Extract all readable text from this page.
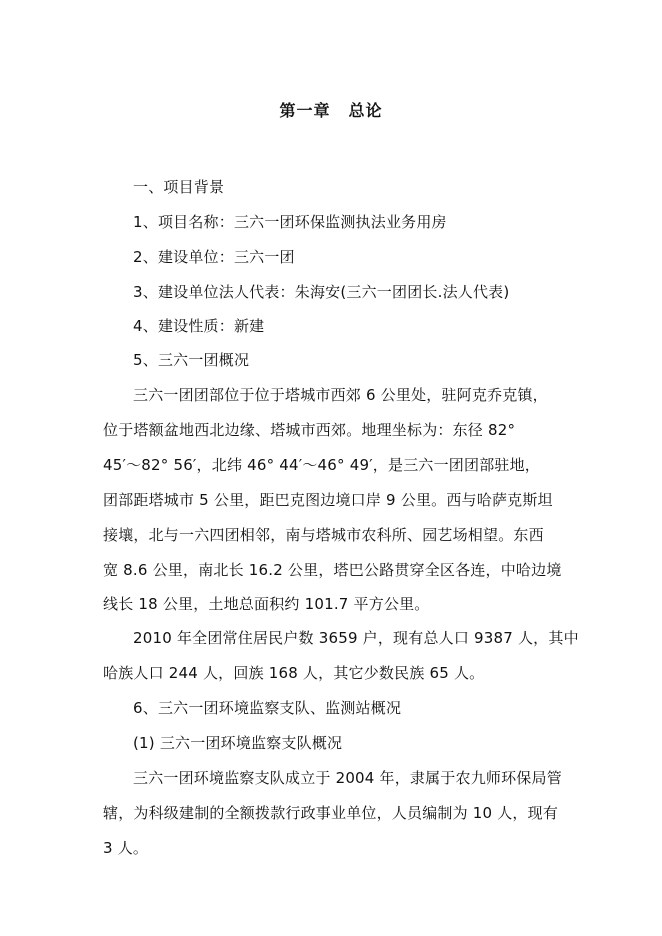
第一章 总论
一、项目背景
1、项目名称：三六一团环保监测执法业务用房
2、建设单位：三六一团
3、建设单位法人代表：朱海安(三六一团团长.法人代表)
4、建设性质：新建
5、三六一团概况
三六一团团部位于位于塔城市西郊 6 公里处，驻阿克乔克镇，
位于塔额盆地西北边缘、塔城市西郊。地理坐标为：东径 82°
45′～82° 56′，北纬 46° 44′～46° 49′，是三六一团团部驻地，
团部距塔城市 5 公里，距巴克图边境口岸 9 公里。西与哈萨克斯坦
接壤，北与一六四团相邻，南与塔城市农科所、园艺场相望。东西
宽 8.6 公里，南北长 16.2 公里，塔巴公路贯穿全区各连，中哈边境
线长 18 公里，土地总面积约 101.7 平方公里。
2010 年全团常住居民户数 3659 户，现有总人口 9387 人，其中
哈族人口 244 人，回族 168 人，其它少数民族 65 人。
6、三六一团环境监察支队、监测站概况
(1) 三六一团环境监察支队概况
三六一团环境监察支队成立于 2004 年，隶属于农九师环保局管
辖，为科级建制的全额拨款行政事业单位，人员编制为 10 人，现有
3 人。
